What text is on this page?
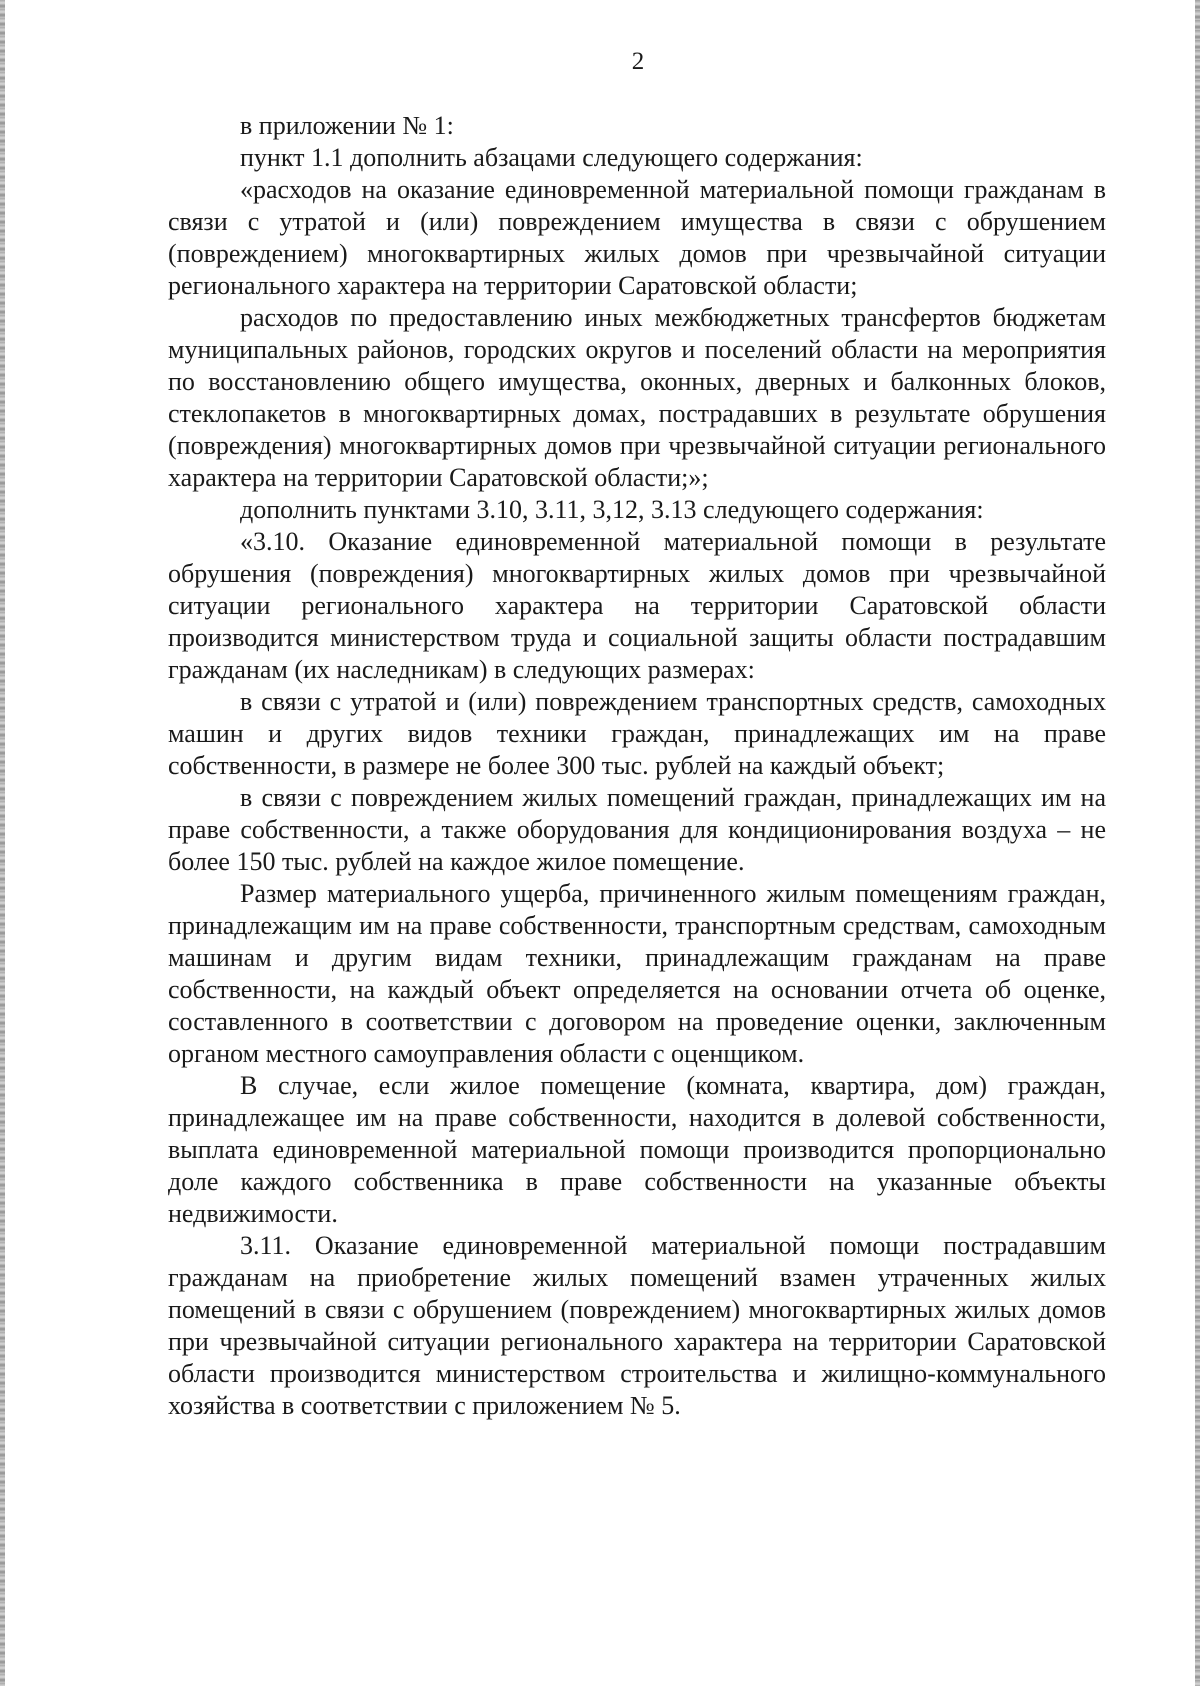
2

в приложении № 1:

пункт 1.1 дополнить абзацами следующего содержания:

«расходов на оказание единовременной материальной помощи гражданам в связи с утратой и (или) повреждением имущества в связи с обрушением (повреждением) многоквартирных жилых домов при чрезвычайной ситуации регионального характера на территории Саратовской области;

расходов по предоставлению иных межбюджетных трансфертов бюджетам муниципальных районов, городских округов и поселений области на мероприятия по восстановлению общего имущества, оконных, дверных и балконных блоков, стеклопакетов в многоквартирных домах, пострадавших в результате обрушения (повреждения) многоквартирных домов при чрезвычайной ситуации регионального характера на территории Саратовской области;»;

дополнить пунктами 3.10, 3.11, 3,12, 3.13 следующего содержания:

«3.10. Оказание единовременной материальной помощи в результате обрушения (повреждения) многоквартирных жилых домов при чрезвычайной ситуации регионального характера на территории Саратовской области производится министерством труда и социальной защиты области пострадавшим гражданам (их наследникам) в следующих размерах:

в связи с утратой и (или) повреждением транспортных средств, самоходных машин и других видов техники граждан, принадлежащих им на праве собственности, в размере не более 300 тыс. рублей на каждый объект;

в связи с повреждением жилых помещений граждан, принадлежащих им на праве собственности, а также оборудования для кондиционирования воздуха – не более 150 тыс. рублей на каждое жилое помещение.

Размер материального ущерба, причиненного жилым помещениям граждан, принадлежащим им на праве собственности, транспортным средствам, самоходным машинам и другим видам техники, принадлежащим гражданам на праве собственности, на каждый объект определяется на основании отчета об оценке, составленного в соответствии с договором на проведение оценки, заключенным органом местного самоуправления области с оценщиком.

В случае, если жилое помещение (комната, квартира, дом) граждан, принадлежащее им на праве собственности, находится в долевой собственности, выплата единовременной материальной помощи производится пропорционально доле каждого собственника в праве собственности на указанные объекты недвижимости.

3.11. Оказание единовременной материальной помощи пострадавшим гражданам на приобретение жилых помещений взамен утраченных жилых помещений в связи с обрушением (повреждением) многоквартирных жилых домов при чрезвычайной ситуации регионального характера на территории Саратовской области производится министерством строительства и жилищно-коммунального хозяйства в соответствии с приложением № 5.
